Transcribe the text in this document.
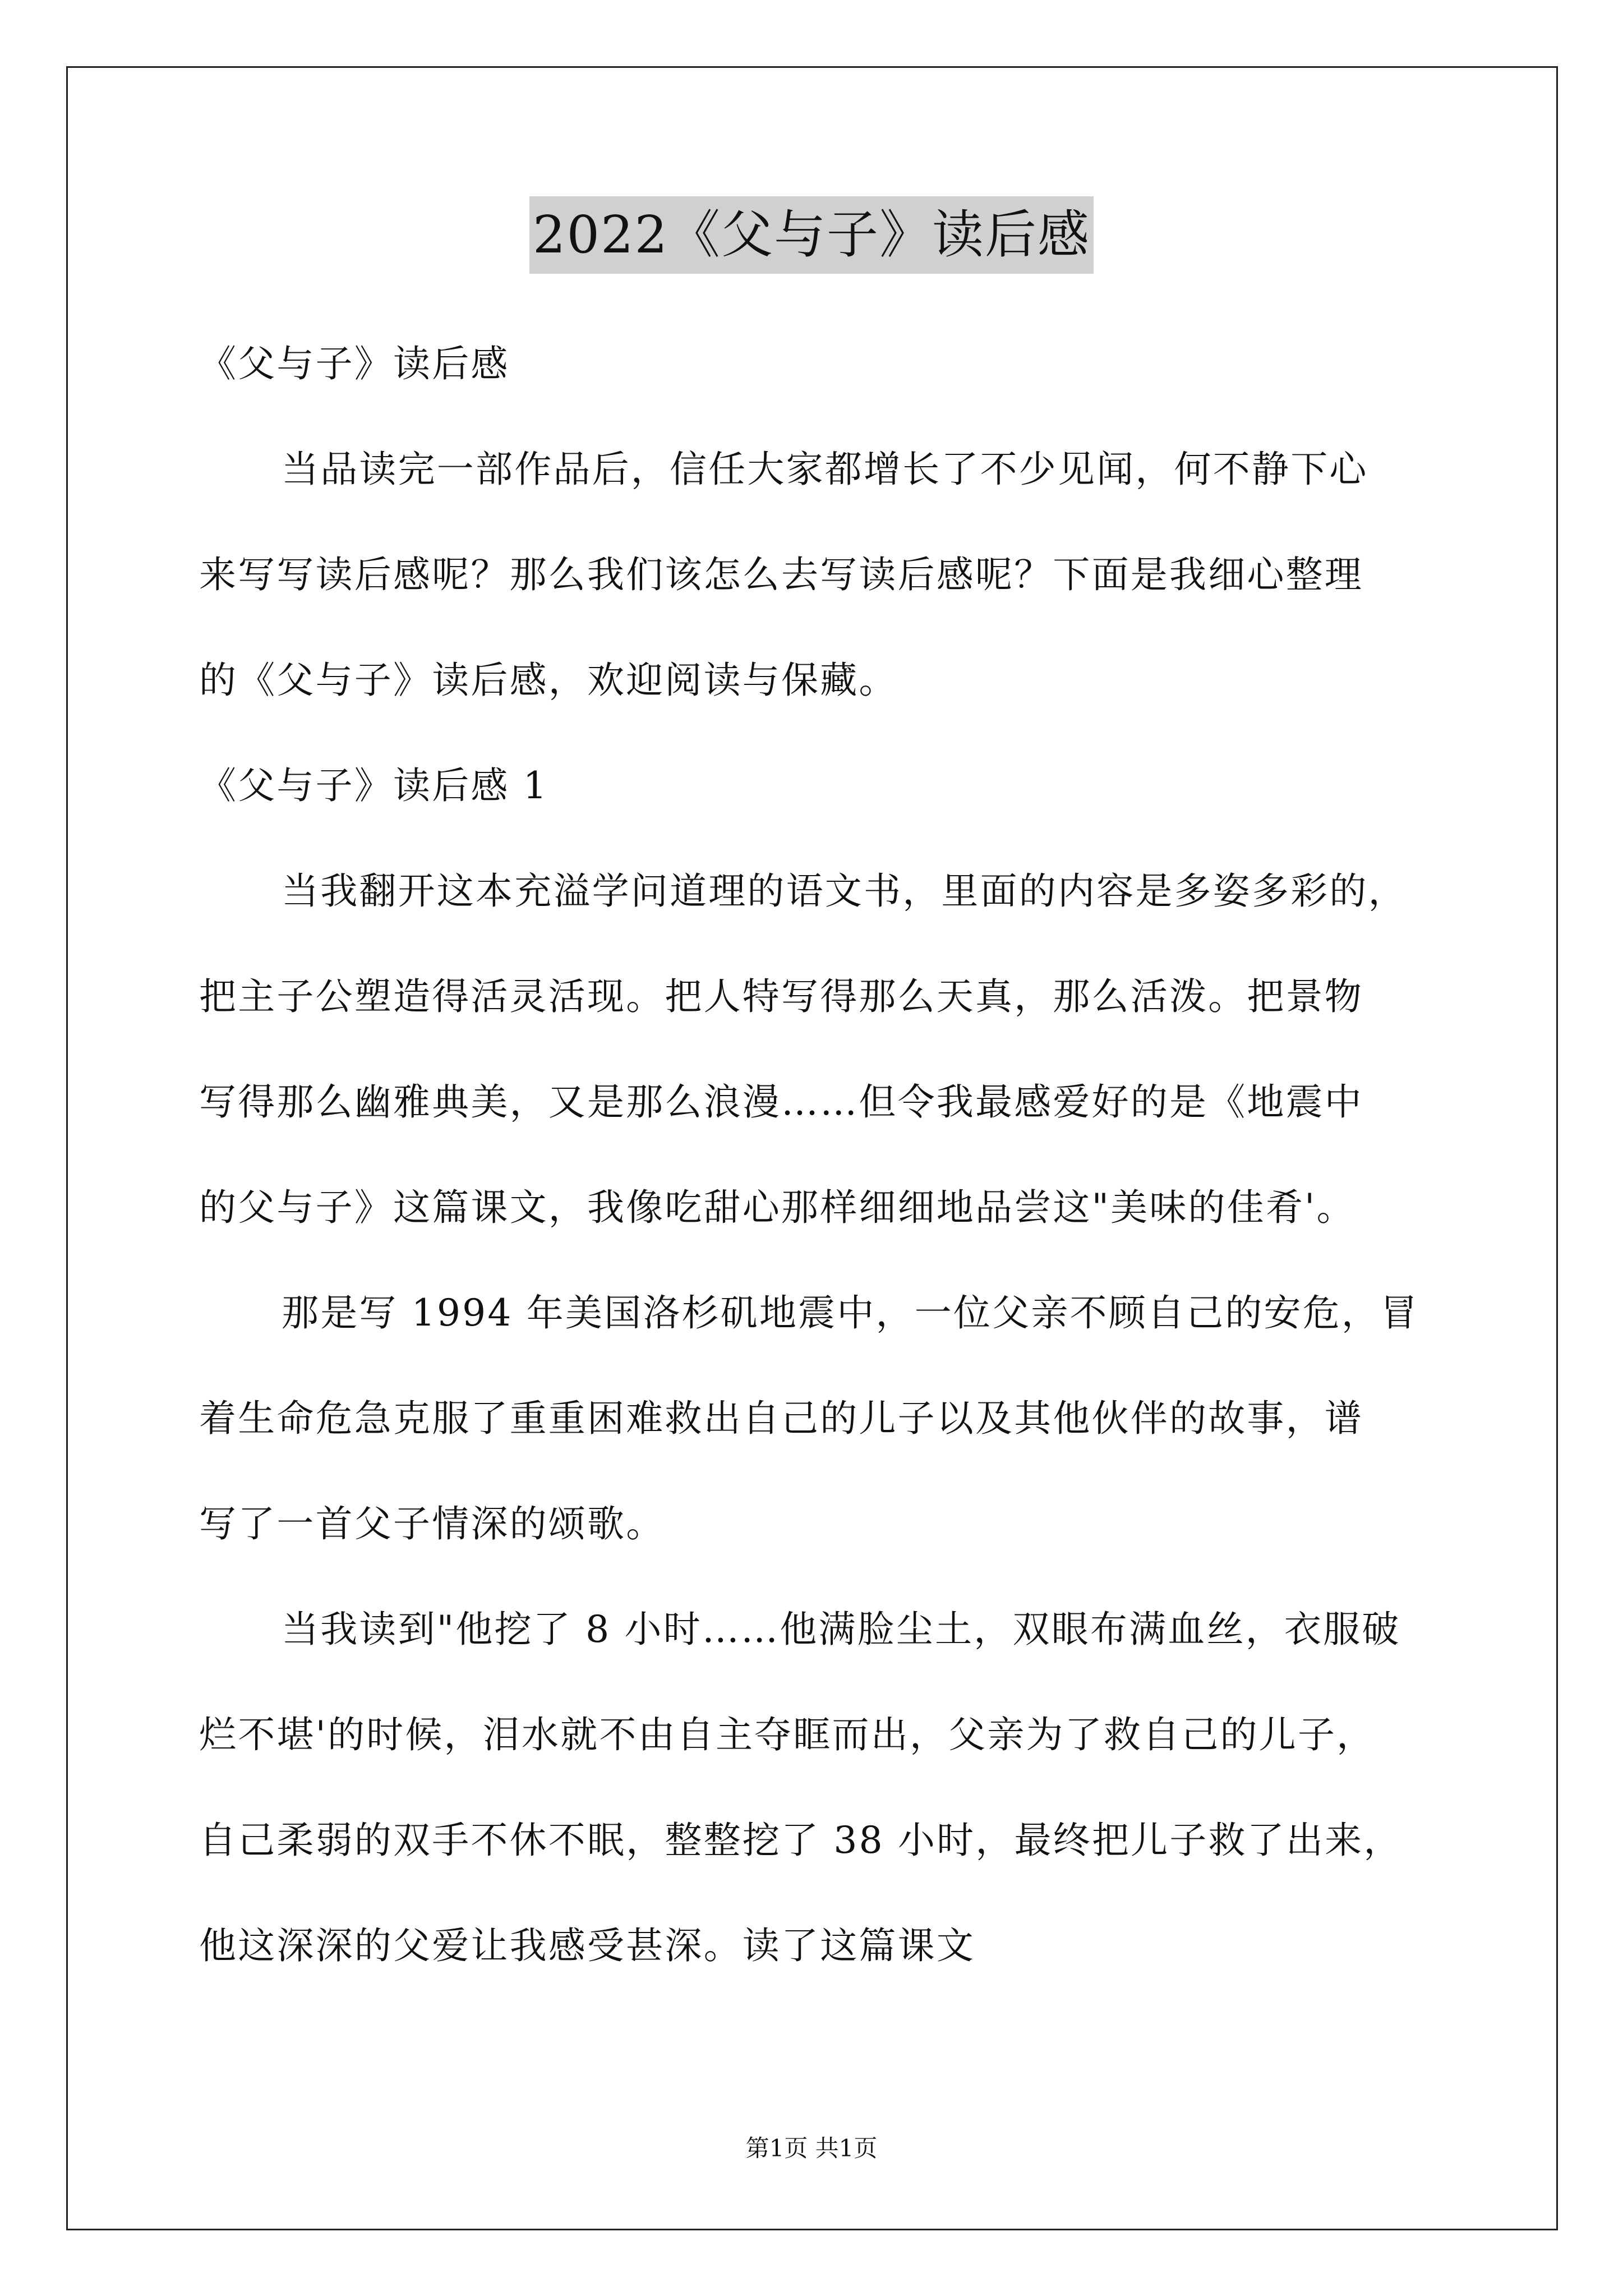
2022《父与子》读后感
《父与子》读后感
当品读完一部作品后，信任大家都增长了不少见闻，何不静下心
来写写读后感呢？那么我们该怎么去写读后感呢？下面是我细心整理
的《父与子》读后感，欢迎阅读与保藏。
《父与子》读后感 1
当我翻开这本充溢学问道理的语文书，里面的内容是多姿多彩的，
把主子公塑造得活灵活现。把人特写得那么天真，那么活泼。把景物
写得那么幽雅典美，又是那么浪漫……但令我最感爱好的是《地震中
的父与子》这篇课文，我像吃甜心那样细细地品尝这"美味的佳肴'。
那是写 1994 年美国洛杉矶地震中，一位父亲不顾自己的安危，冒
着生命危急克服了重重困难救出自己的儿子以及其他伙伴的故事，谱
写了一首父子情深的颂歌。
当我读到"他挖了 8 小时……他满脸尘土，双眼布满血丝，衣服破
烂不堪'的时候，泪水就不由自主夺眶而出，父亲为了救自己的儿子，
自己柔弱的双手不休不眠，整整挖了 38 小时，最终把儿子救了出来，
他这深深的父爱让我感受甚深。读了这篇课文
第1页 共1页
